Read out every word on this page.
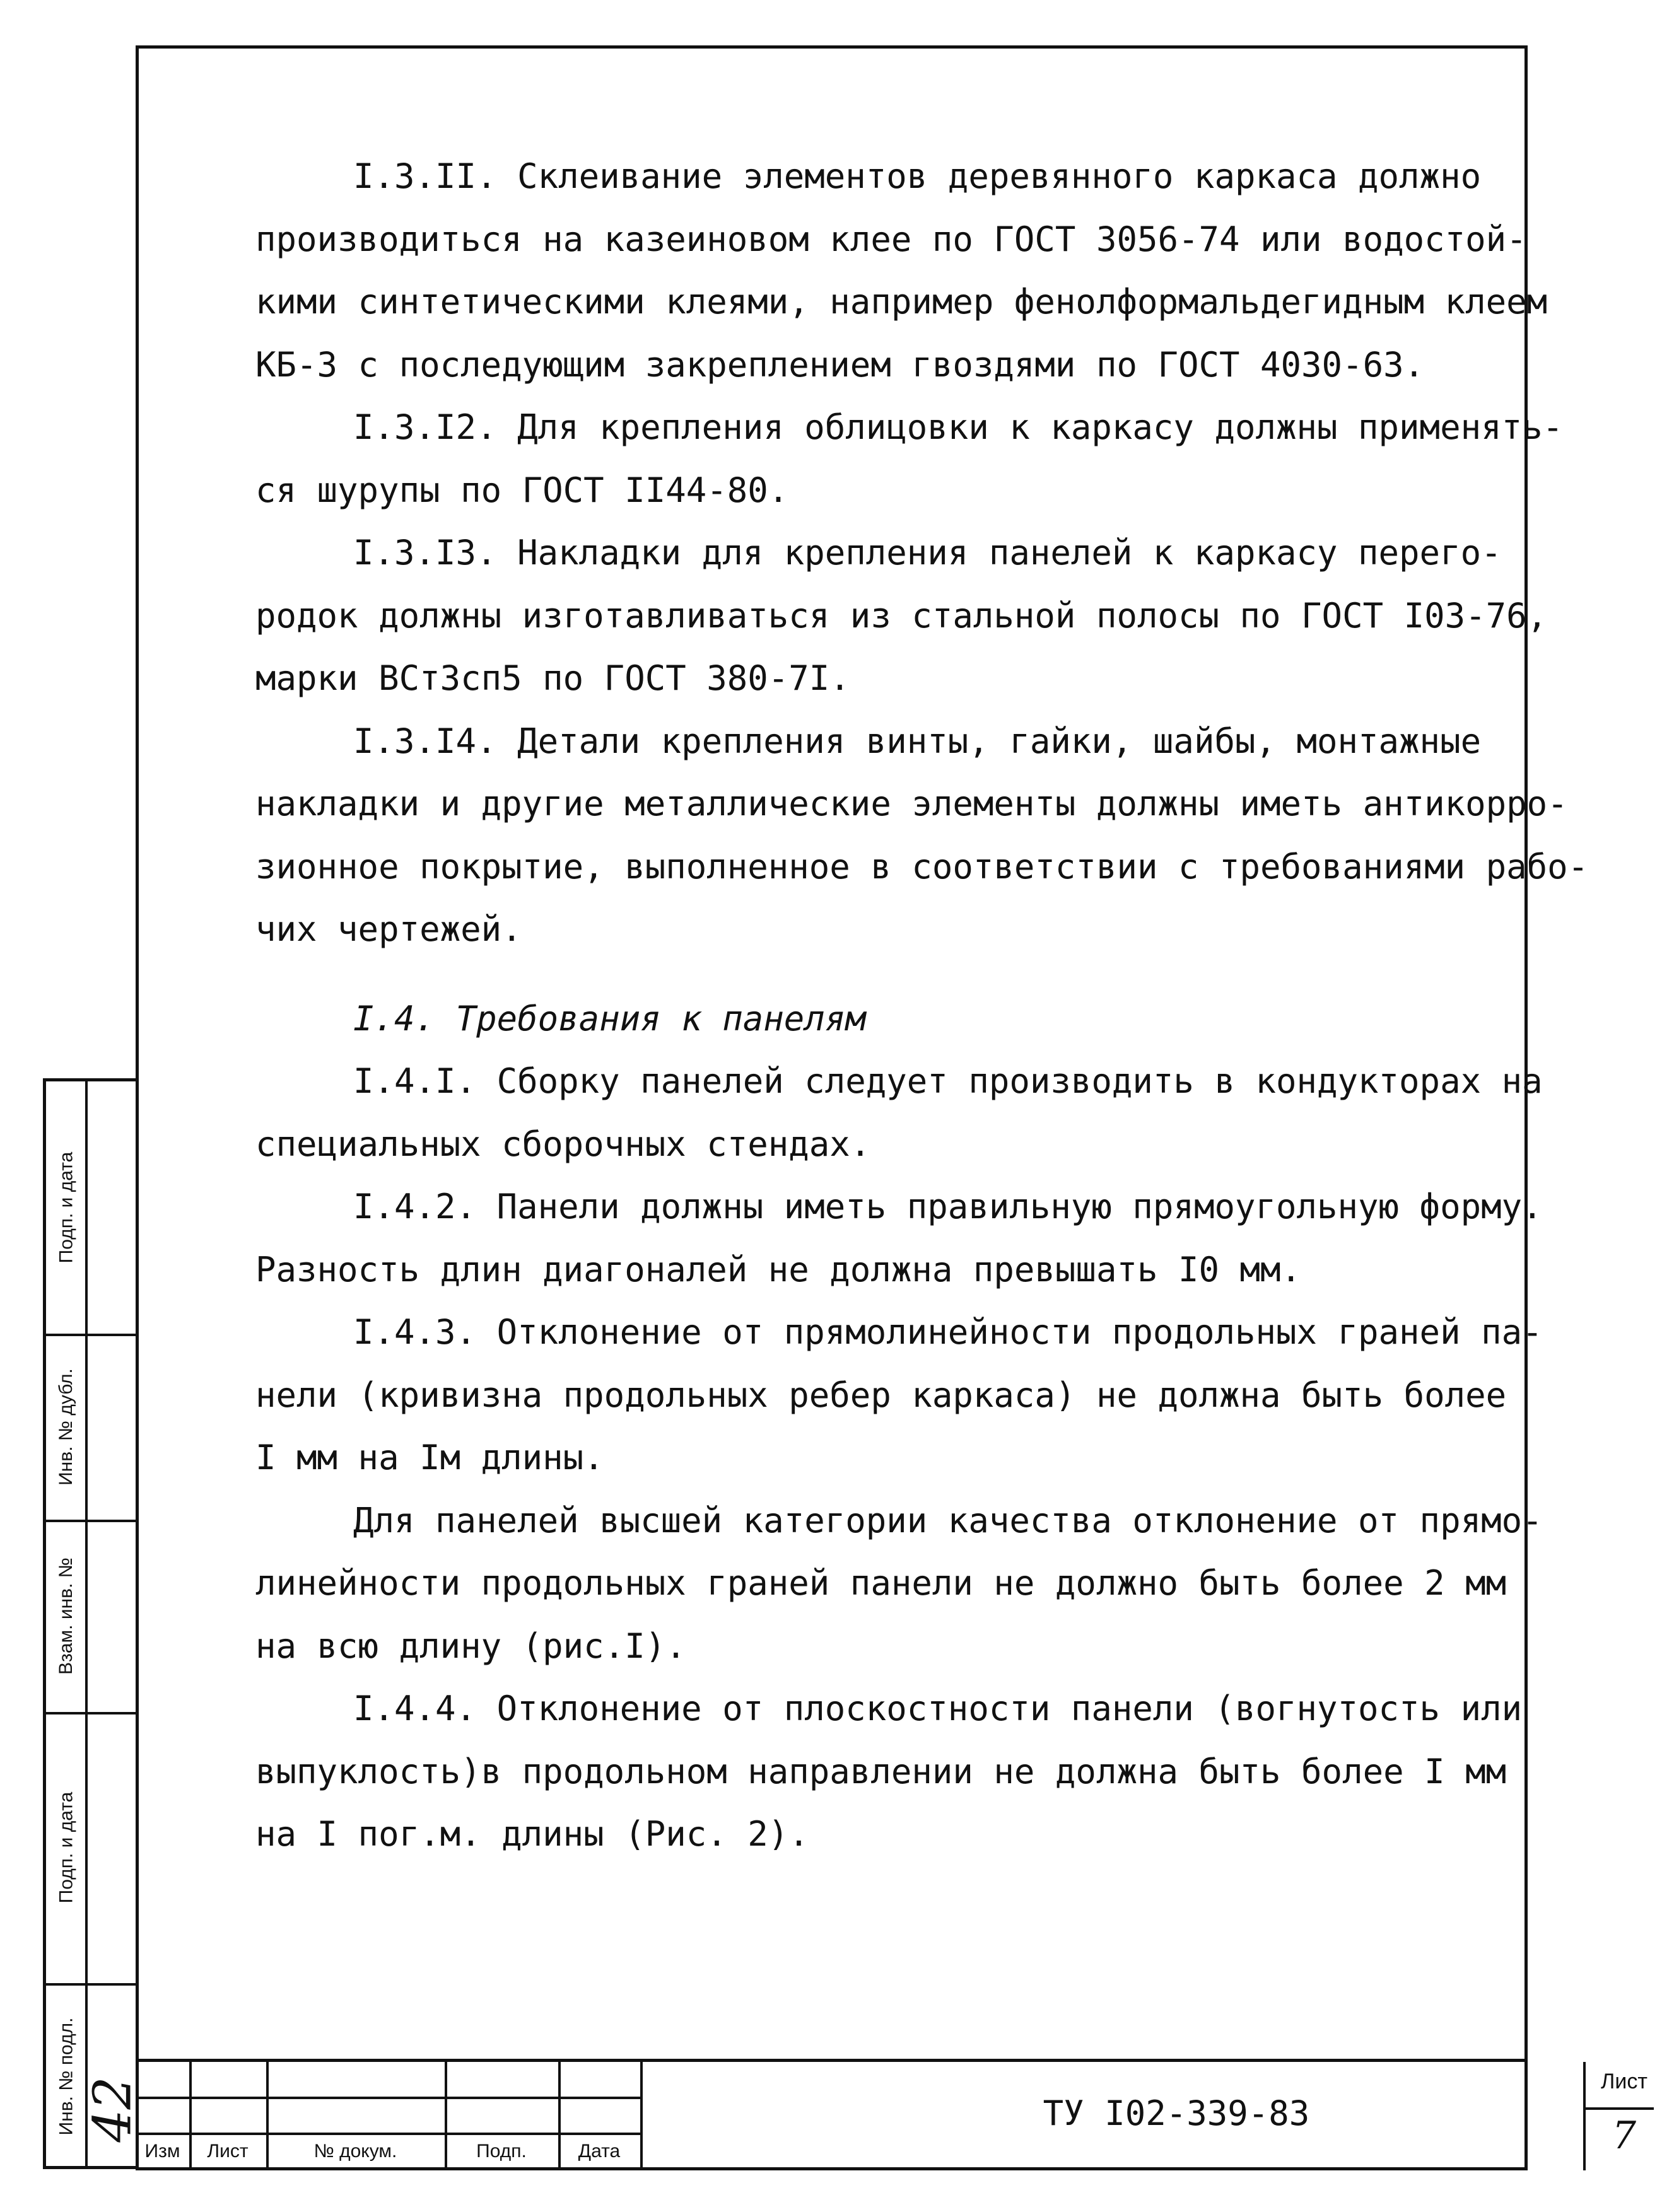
I.3.II. Склеивание элементов деревянного каркаса должно

производиться на казеиновом клее по ГОСТ 3056-74 или водостой-

кими синтетическими клеями, например фенолформальдегидным клеем

КБ-3 с последующим закреплением гвоздями по ГОСТ 4030-63.

I.3.I2. Для крепления облицовки к каркасу должны применять-

ся шурупы по ГОСТ II44-80.

I.3.I3. Накладки для крепления панелей к каркасу перего-

родок должны изготавливаться из стальной полосы по ГОСТ I03-76,

марки ВСт3сп5 по ГОСТ 380-7I.

I.3.I4. Детали крепления винты, гайки, шайбы, монтажные

накладки и другие металлические элементы должны иметь антикорро-

зионное покрытие, выполненное в соответствии с требованиями рабо-

чих чертежей.

I.4. Требования к панелям

I.4.I. Сборку панелей следует производить в кондукторах на

специальных сборочных стендах.

I.4.2. Панели должны иметь правильную прямоугольную форму.

Разность длин диагоналей не должна превышать I0 мм.

I.4.3. Отклонение от прямолинейности продольных граней па-

нели (кривизна продольных ребер каркаса) не должна быть более

I мм на Iм длины.

Для панелей высшей категории качества отклонение от прямо-

линейности продольных граней панели не должно быть более 2 мм

на всю длину (рис.I).

I.4.4. Отклонение от плоскостности панели (вогнутость или

выпуклость)в продольном направлении не должна быть более I мм

на I пог.м. длины (Рис. 2).

Подп. и дата
Инв. № дубл.
Взам. инв. №
Подп. и дата
Инв. № подл. 42
Изм	Лист	№ докум.	Подп.	Дата
ТУ I02-339-83
Лист
7
